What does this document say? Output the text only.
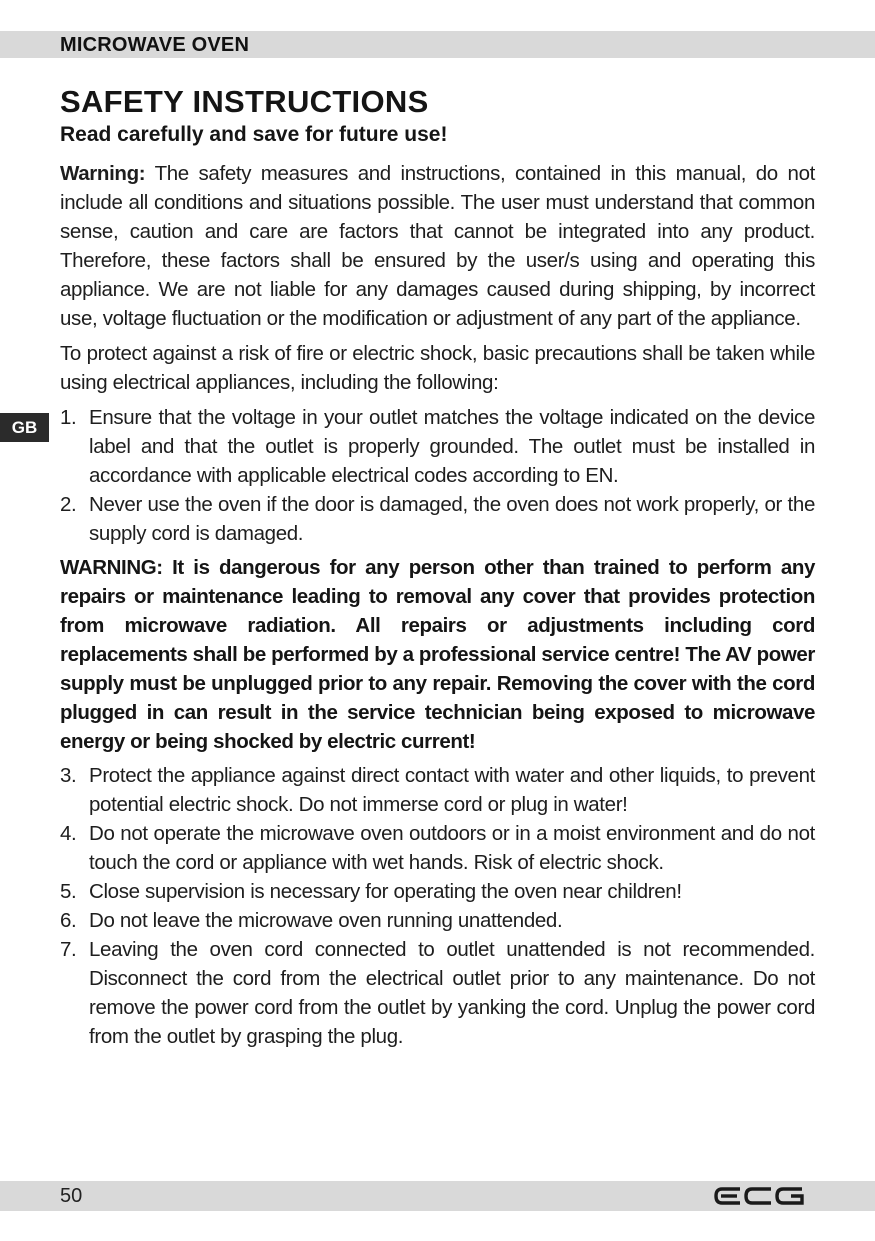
MICROWAVE OVEN
GB
SAFETY INSTRUCTIONS
Read carefully and save for future use!

Warning: The safety measures and instructions, contained in this manual, do not include all conditions and situations possible. The user must understand that common sense, caution and care are factors that cannot be integrated into any product. Therefore, these factors shall be ensured by the user/s using and operating this appliance. We are not liable for any damages caused during shipping, by incorrect use, voltage fluctuation or the modification or adjustment of any part of the appliance.

To protect against a risk of fire or electric shock, basic precautions shall be taken while using electrical appliances, including the following:

1. Ensure that the voltage in your outlet matches the voltage indicated on the device label and that the outlet is properly grounded. The outlet must be installed in accordance with applicable electrical codes according to EN.
2. Never use the oven if the door is damaged, the oven does not work properly, or the supply cord is damaged.
WARNING: It is dangerous for any person other than trained to perform any repairs or maintenance leading to removal any cover that provides protection from microwave radiation. All repairs or adjustments including cord replacements shall be performed by a professional service centre! The AV power supply must be unplugged prior to any repair. Removing the cover with the cord plugged in can result in the service technician being exposed to microwave energy or being shocked by electric current!
3. Protect the appliance against direct contact with water and other liquids, to prevent potential electric shock. Do not immerse cord or plug in water!
4. Do not operate the microwave oven outdoors or in a moist environment and do not touch the cord or appliance with wet hands. Risk of electric shock.
5. Close supervision is necessary for operating the oven near children!
6. Do not leave the microwave oven running unattended.
7. Leaving the oven cord connected to outlet unattended is not recommended. Disconnect the cord from the electrical outlet prior to any maintenance. Do not remove the power cord from the outlet by yanking the cord. Unplug the power cord from the outlet by grasping the plug.
50
